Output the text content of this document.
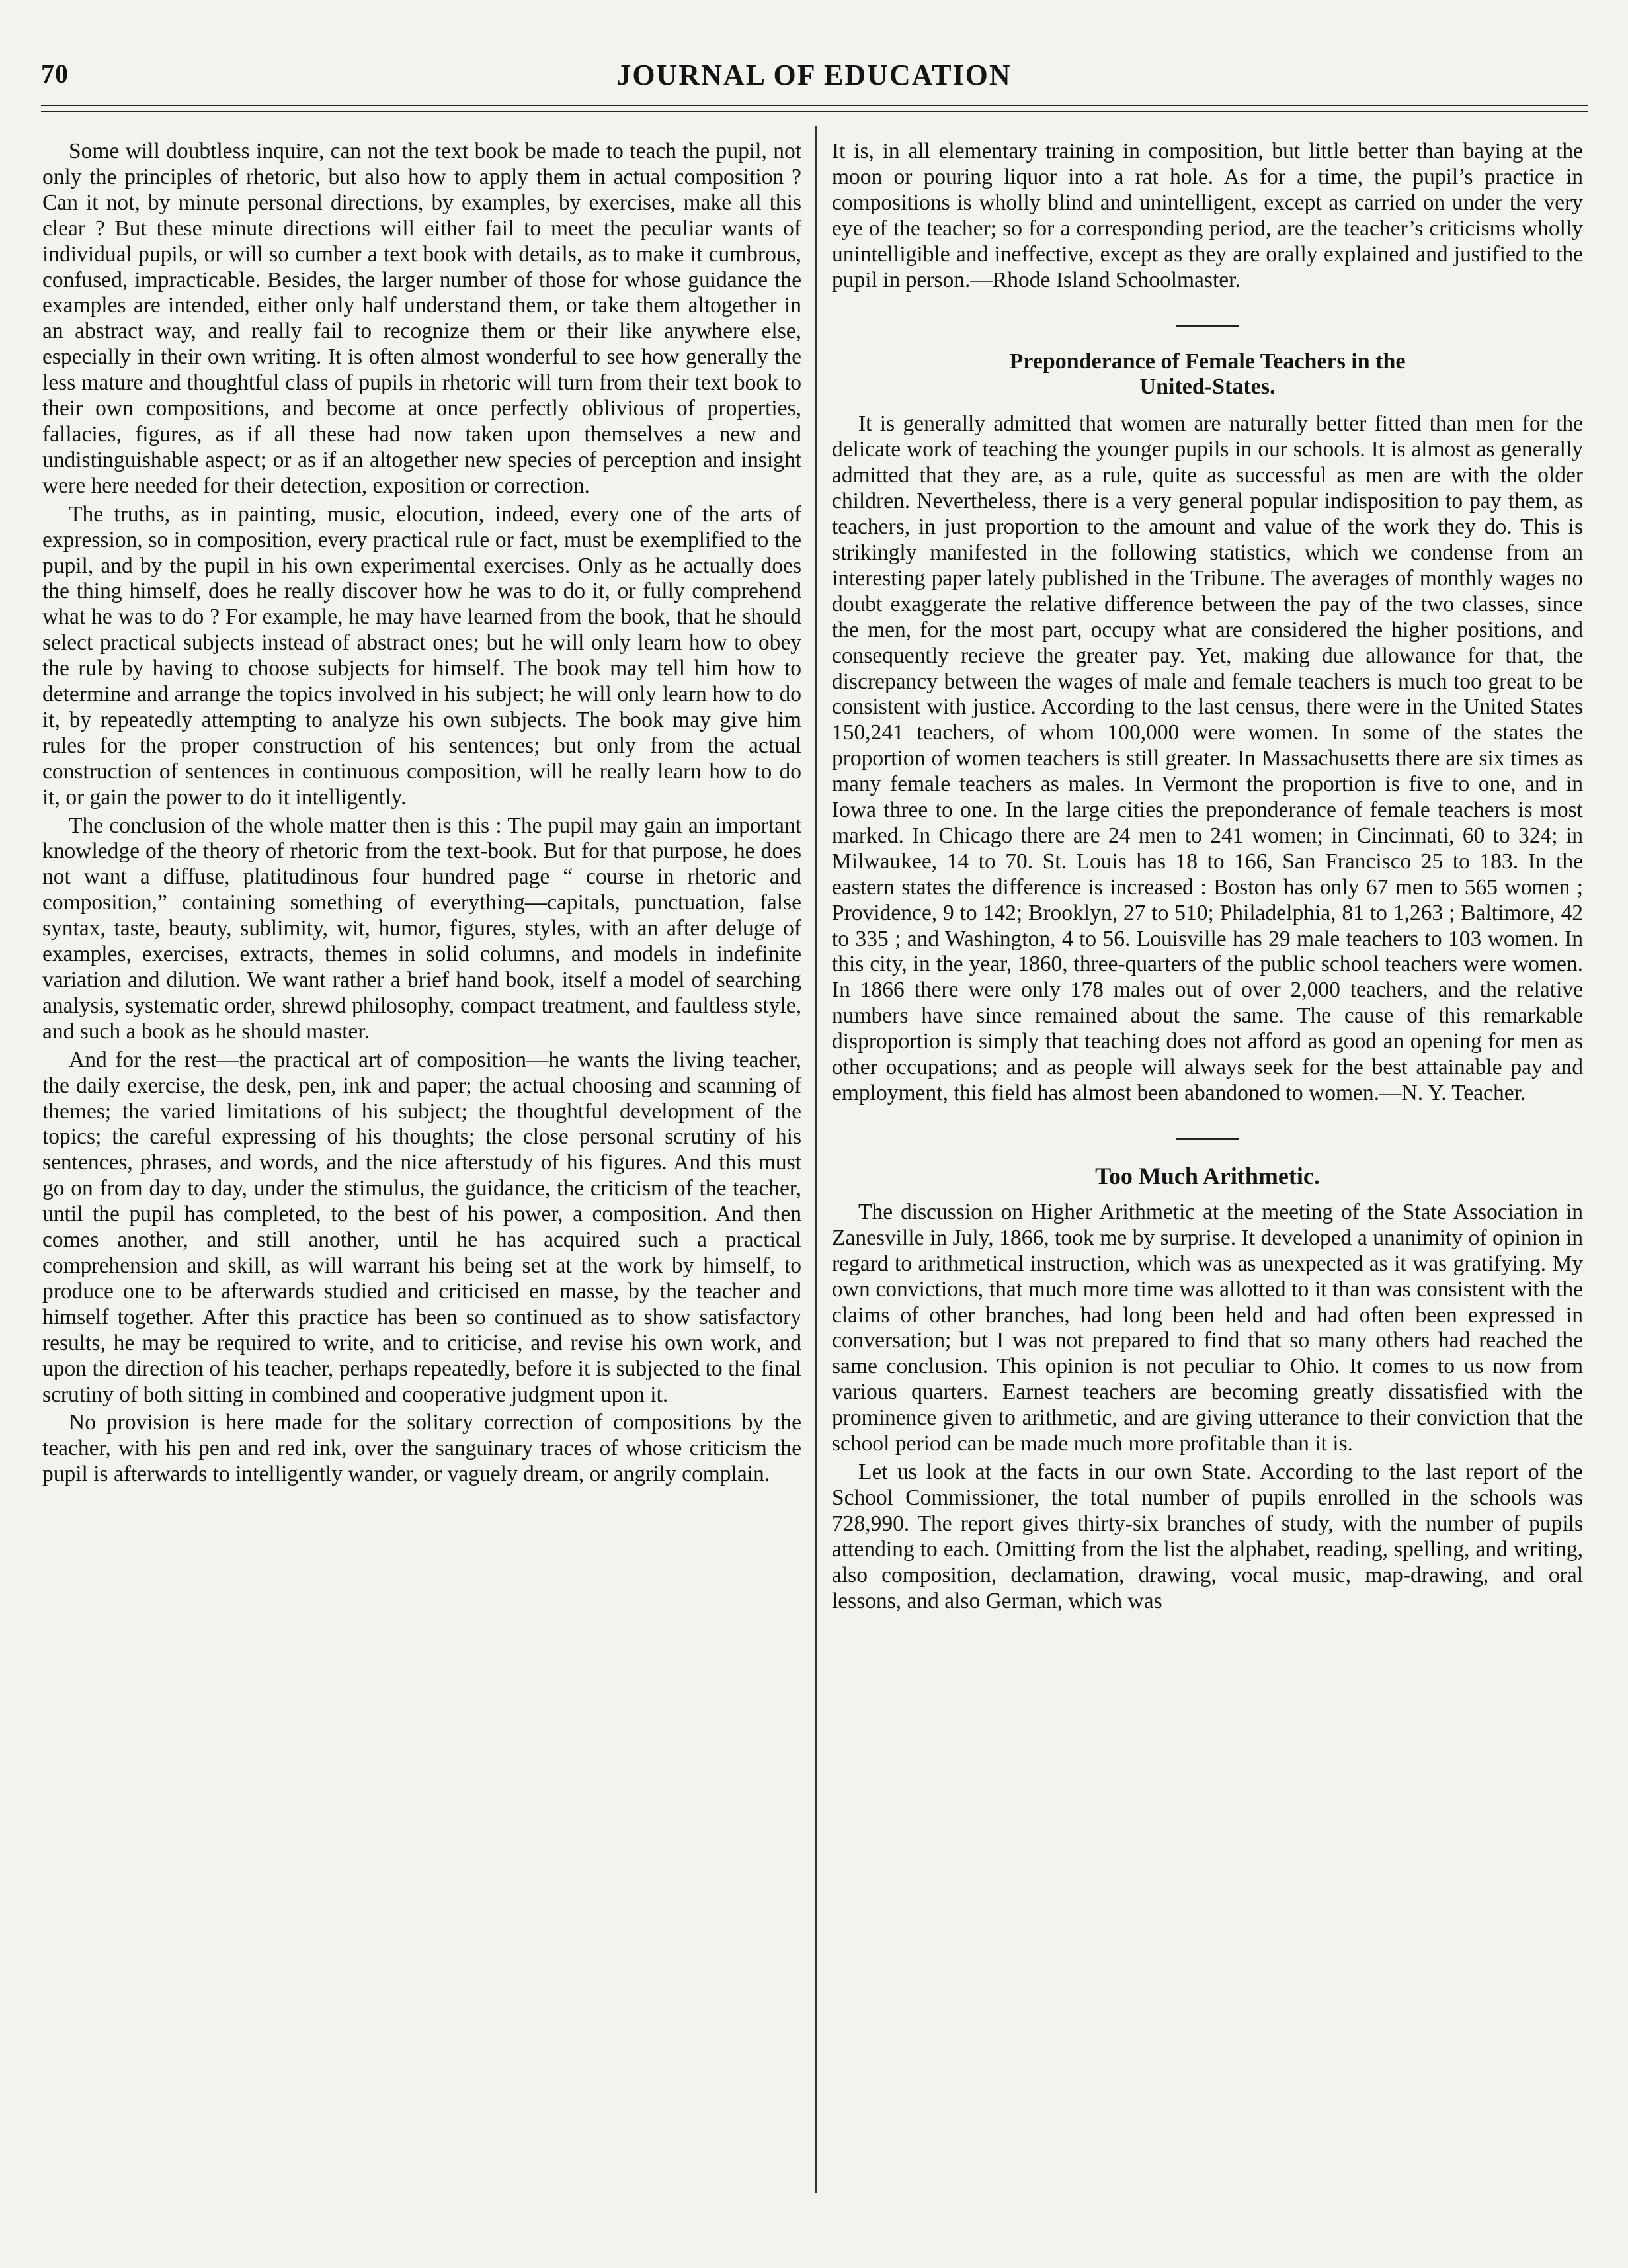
70	JOURNAL OF EDUCATION

Some will doubtless inquire, can not the text book be made to teach the pupil, not only the principles of rhetoric, but also how to apply them in actual composition ? Can it not, by minute personal directions, by examples, by exercises, make all this clear ? But these minute directions will either fail to meet the peculiar wants of individual pupils, or will so cumber a text book with details, as to make it cumbrous, confused, impracticable. Besides, the larger number of those for whose guidance the examples are intended, either only half understand them, or take them altogether in an abstract way, and really fail to recognize them or their like anywhere else, especially in their own writing. It is often almost wonderful to see how generally the less mature and thoughtful class of pupils in rhetoric will turn from their text book to their own compositions, and become at once perfectly oblivious of properties, fallacies, figures, as if all these had now taken upon themselves a new and undistinguishable aspect; or as if an altogether new species of perception and insight were here needed for their detection, exposition or correction.

The truths, as in painting, music, elocution, indeed, every one of the arts of expression, so in composition, every practical rule or fact, must be exemplified to the pupil, and by the pupil in his own experimental exercises. Only as he actually does the thing himself, does he really discover how he was to do it, or fully comprehend what he was to do ? For example, he may have learned from the book, that he should select practical subjects instead of abstract ones; but he will only learn how to obey the rule by having to choose subjects for himself. The book may tell him how to determine and arrange the topics involved in his subject; he will only learn how to do it, by repeatedly attempting to analyze his own subjects. The book may give him rules for the proper construction of his sentences; but only from the actual construction of sentences in continuous composition, will he really learn how to do it, or gain the power to do it intelligently.

The conclusion of the whole matter then is this : The pupil may gain an important knowledge of the theory of rhetoric from the text-book. But for that purpose, he does not want a diffuse, platitudinous four hundred page “ course in rhetoric and composition,” containing something of everything—capitals, punctuation, false syntax, taste, beauty, sublimity, wit, humor, figures, styles, with an after deluge of examples, exercises, extracts, themes in solid columns, and models in indefinite variation and dilution. We want rather a brief hand book, itself a model of searching analysis, systematic order, shrewd philosophy, compact treatment, and faultless style, and such a book as he should master.

And for the rest—the practical art of composition—he wants the living teacher, the daily exercise, the desk, pen, ink and paper; the actual choosing and scanning of themes; the varied limitations of his subject; the thoughtful development of the topics; the careful expressing of his thoughts; the close personal scrutiny of his sentences, phrases, and words, and the nice afterstudy of his figures. And this must go on from day to day, under the stimulus, the guidance, the criticism of the teacher, until the pupil has completed, to the best of his power, a composition. And then comes another, and still another, until he has acquired such a practical comprehension and skill, as will warrant his being set at the work by himself, to produce one to be afterwards studied and criticised en masse, by the teacher and himself together. After this practice has been so continued as to show satisfactory results, he may be required to write, and to criticise, and revise his own work, and upon the direction of his teacher, perhaps repeatedly, before it is subjected to the final scrutiny of both sitting in combined and cooperative judgment upon it.

No provision is here made for the solitary correction of compositions by the teacher, with his pen and red ink, over the sanguinary traces of whose criticism the pupil is afterwards to intelligently wander, or vaguely dream, or angrily complain.

It is, in all elementary training in composition, but little better than baying at the moon or pouring liquor into a rat hole. As for a time, the pupil’s practice in compositions is wholly blind and unintelligent, except as carried on under the very eye of the teacher; so for a corresponding period, are the teacher’s criticisms wholly unintelligible and ineffective, except as they are orally explained and justified to the pupil in person.—Rhode Island Schoolmaster.

Preponderance of Female Teachers in the
United-States.

It is generally admitted that women are naturally better fitted than men for the delicate work of teaching the younger pupils in our schools. It is almost as generally admitted that they are, as a rule, quite as successful as men are with the older children. Nevertheless, there is a very general popular indisposition to pay them, as teachers, in just proportion to the amount and value of the work they do. This is strikingly manifested in the following statistics, which we condense from an interesting paper lately published in the Tribune. The averages of monthly wages no doubt exaggerate the relative difference between the pay of the two classes, since the men, for the most part, occupy what are considered the higher positions, and consequently recieve the greater pay. Yet, making due allowance for that, the discrepancy between the wages of male and female teachers is much too great to be consistent with justice. According to the last census, there were in the United States 150,241 teachers, of whom 100,000 were women. In some of the states the proportion of women teachers is still greater. In Massachusetts there are six times as many female teachers as males. In Vermont the proportion is five to one, and in Iowa three to one. In the large cities the preponderance of female teachers is most marked. In Chicago there are 24 men to 241 women; in Cincinnati, 60 to 324; in Milwaukee, 14 to 70. St. Louis has 18 to 166, San Francisco 25 to 183. In the eastern states the difference is increased : Boston has only 67 men to 565 women ; Providence, 9 to 142; Brooklyn, 27 to 510; Philadelphia, 81 to 1,263 ; Baltimore, 42 to 335 ; and Washington, 4 to 56. Louisville has 29 male teachers to 103 women. In this city, in the year, 1860, three-quarters of the public school teachers were women. In 1866 there were only 178 males out of over 2,000 teachers, and the relative numbers have since remained about the same. The cause of this remarkable disproportion is simply that teaching does not afford as good an opening for men as other occupations; and as people will always seek for the best attainable pay and employment, this field has almost been abandoned to women.—N. Y. Teacher.

Too Much Arithmetic.

The discussion on Higher Arithmetic at the meeting of the State Association in Zanesville in July, 1866, took me by surprise. It developed a unanimity of opinion in regard to arithmetical instruction, which was as unexpected as it was gratifying. My own convictions, that much more time was allotted to it than was consistent with the claims of other branches, had long been held and had often been expressed in conversation; but I was not prepared to find that so many others had reached the same conclusion. This opinion is not peculiar to Ohio. It comes to us now from various quarters. Earnest teachers are becoming greatly dissatisfied with the prominence given to arithmetic, and are giving utterance to their conviction that the school period can be made much more profitable than it is.

Let us look at the facts in our own State. According to the last report of the School Commissioner, the total number of pupils enrolled in the schools was 728,990. The report gives thirty-six branches of study, with the number of pupils attending to each. Omitting from the list the alphabet, reading, spelling, and writing, also composition, declamation, drawing, vocal music, map-drawing, and oral lessons, and also German, which was
